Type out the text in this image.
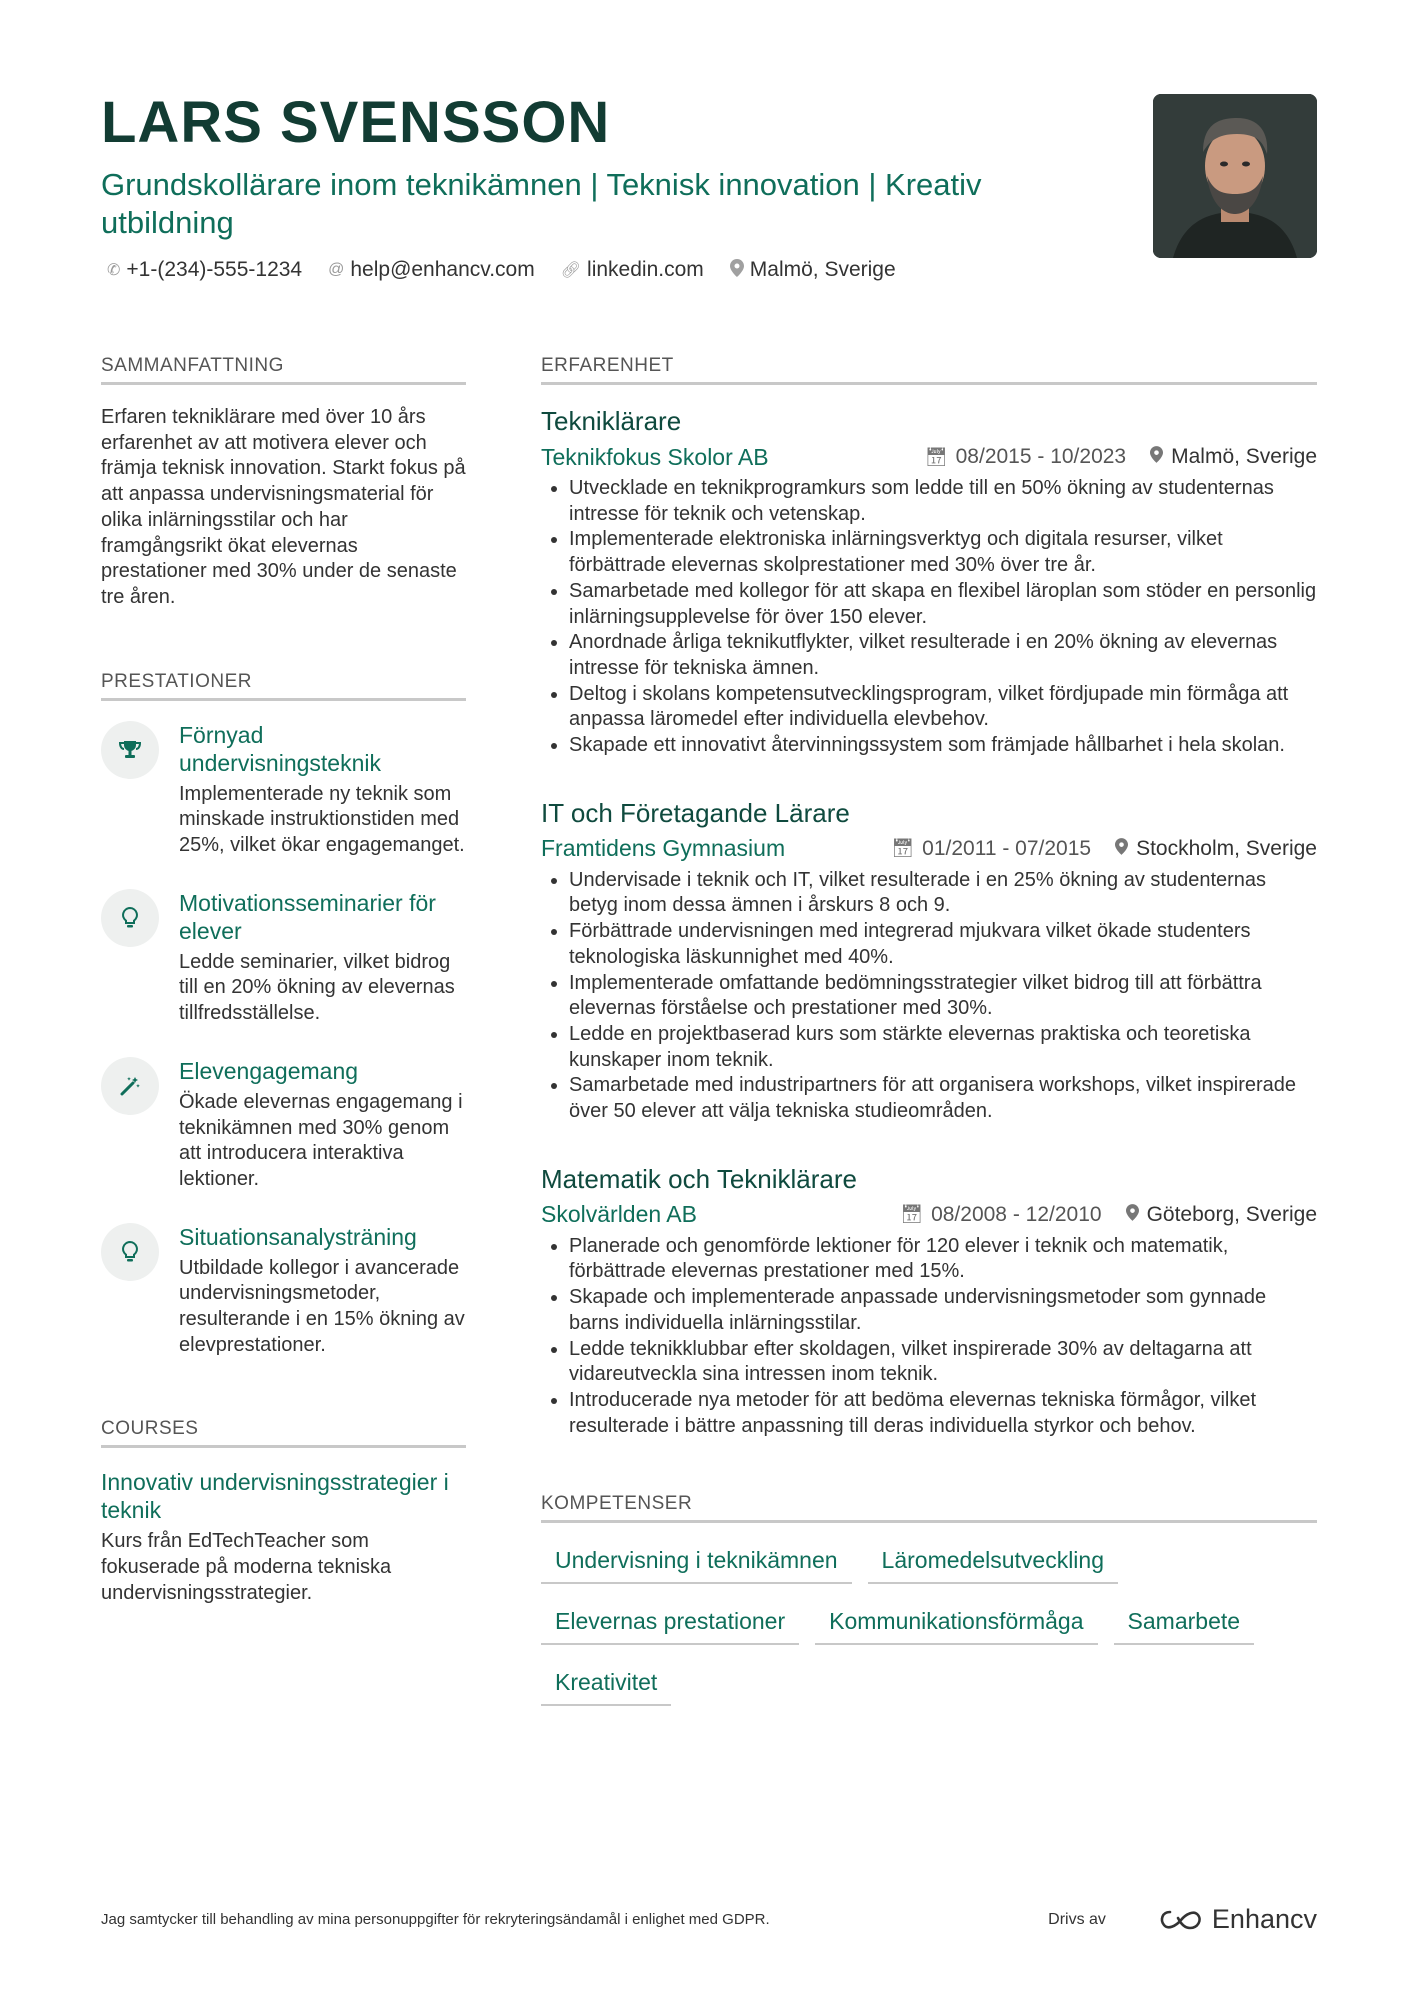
LARS SVENSSON
Grundskollärare inom teknikämnen | Teknisk innovation | Kreativ utbildning
✆ +1-(234)-555-1234 @ help@enhancv.com 🔗︎ linkedin.com Malmö, Sverige
SAMMANFATTNING
Erfaren tekniklärare med över 10 års erfarenhet av att motivera elever och främja teknisk innovation. Starkt fokus på att anpassa undervisningsmaterial för olika inlärningsstilar och har framgångsrikt ökat elevernas prestationer med 30% under de senaste tre åren.
PRESTATIONER
Förnyad undervisningsteknik
Implementerade ny teknik som minskade instruktionstiden med 25%, vilket ökar engagemanget.
Motivationsseminarier för elever
Ledde seminarier, vilket bidrog till en 20% ökning av elevernas tillfredsställelse.
Elevengagemang
Ökade elevernas engagemang i teknikämnen med 30% genom att introducera interaktiva lektioner.
Situationsanalysträning
Utbildade kollegor i avancerade undervisningsmetoder, resulterande i en 15% ökning av elevprestationer.
COURSES
Innovativ undervisningsstrategier i teknik
Kurs från EdTechTeacher som fokuserade på moderna tekniska undervisningsstrategier.
ERFARENHET
Tekniklärare
Teknikfokus Skolor AB	📅︎ 08/2015 - 10/2023 Malmö, Sverige
• Utvecklade en teknikprogramkurs som ledde till en 50% ökning av studenternas intresse för teknik och vetenskap.
• Implementerade elektroniska inlärningsverktyg och digitala resurser, vilket förbättrade elevernas skolprestationer med 30% över tre år.
• Samarbetade med kollegor för att skapa en flexibel läroplan som stöder en personlig inlärningsupplevelse för över 150 elever.
• Anordnade årliga teknikutflykter, vilket resulterade i en 20% ökning av elevernas intresse för tekniska ämnen.
• Deltog i skolans kompetensutvecklingsprogram, vilket fördjupade min förmåga att anpassa läromedel efter individuella elevbehov.
• Skapade ett innovativt återvinningssystem som främjade hållbarhet i hela skolan.
IT och Företagande Lärare
Framtidens Gymnasium	📅︎ 01/2011 - 07/2015 Stockholm, Sverige
• Undervisade i teknik och IT, vilket resulterade i en 25% ökning av studenternas betyg inom dessa ämnen i årskurs 8 och 9.
• Förbättrade undervisningen med integrerad mjukvara vilket ökade studenters teknologiska läskunnighet med 40%.
• Implementerade omfattande bedömningsstrategier vilket bidrog till att förbättra elevernas förståelse och prestationer med 30%.
• Ledde en projektbaserad kurs som stärkte elevernas praktiska och teoretiska kunskaper inom teknik.
• Samarbetade med industripartners för att organisera workshops, vilket inspirerade över 50 elever att välja tekniska studieområden.
Matematik och Tekniklärare
Skolvärlden AB	📅︎ 08/2008 - 12/2010 Göteborg, Sverige
• Planerade och genomförde lektioner för 120 elever i teknik och matematik, förbättrade elevernas prestationer med 15%.
• Skapade och implementerade anpassade undervisningsmetoder som gynnade barns individuella inlärningsstilar.
• Ledde teknikklubbar efter skoldagen, vilket inspirerade 30% av deltagarna att vidareutveckla sina intressen inom teknik.
• Introducerade nya metoder för att bedöma elevernas tekniska förmågor, vilket resulterade i bättre anpassning till deras individuella styrkor och behov.
KOMPETENSER
Undervisning i teknikämnen	Läromedelsutveckling
Elevernas prestationer	Kommunikationsförmåga	Samarbete
Kreativitet
Jag samtycker till behandling av mina personuppgifter för rekryteringsändamål i enlighet med GDPR.	Drivs av	Enhancv
